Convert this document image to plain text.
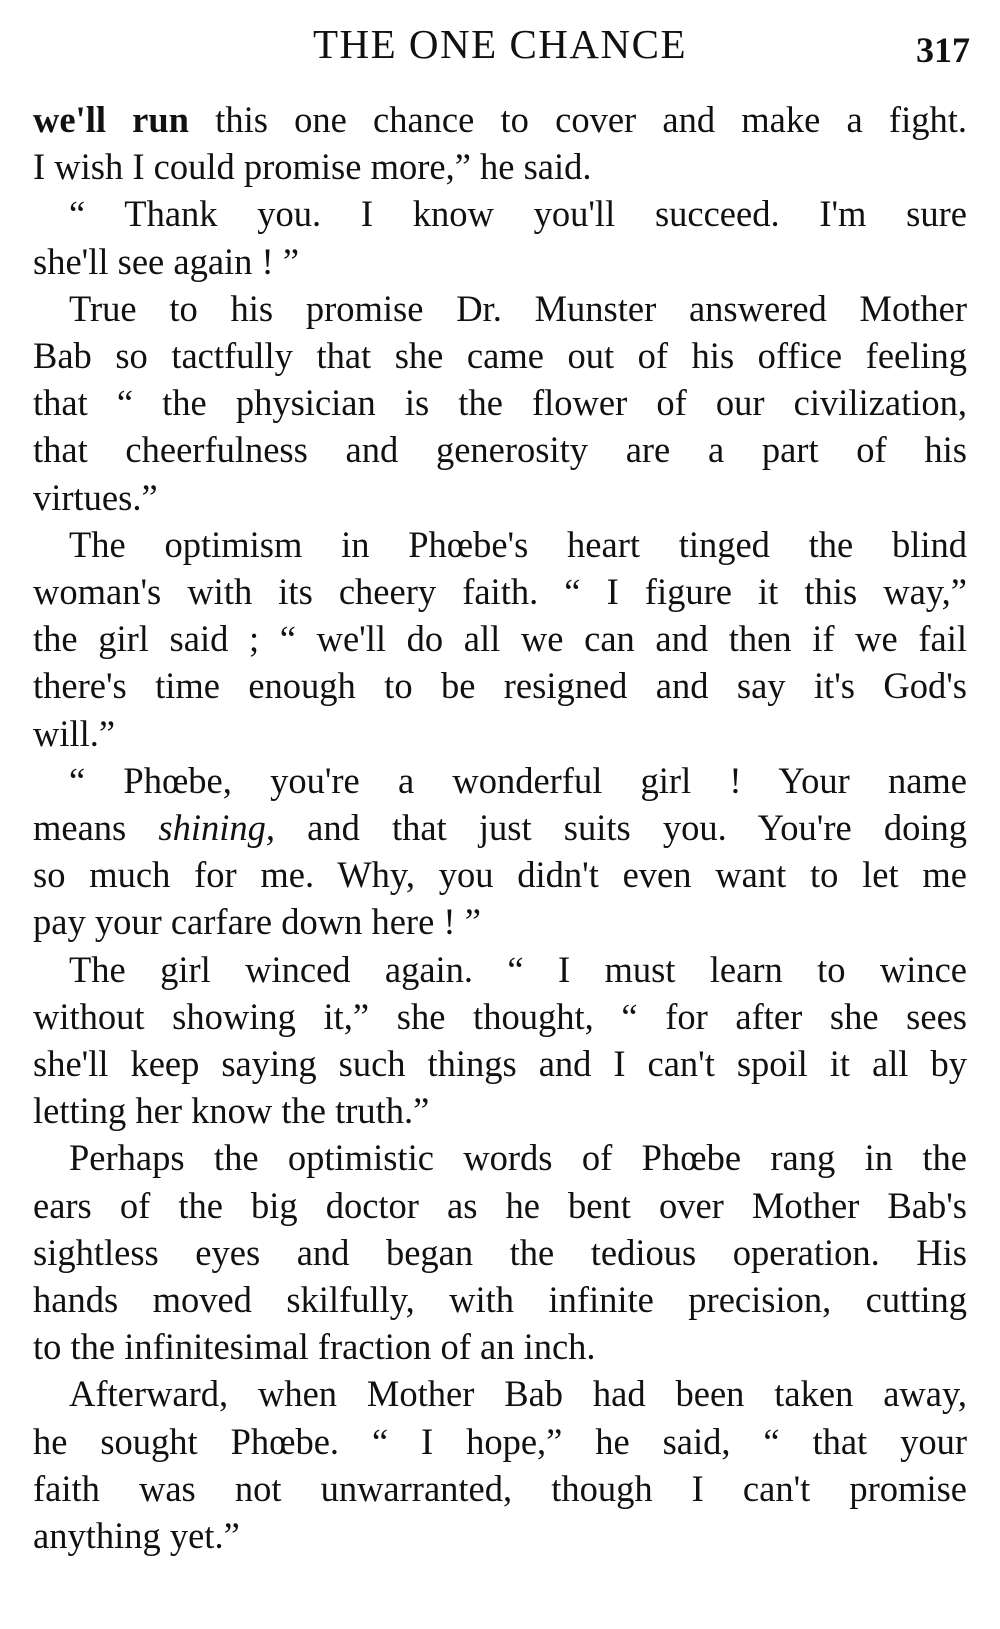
THE ONE CHANCE	317
we'll run this one chance to cover and make a fight.
I wish I could promise more,” he said.
“ Thank you. I know you'll succeed. I'm sure
she'll see again ! ”
True to his promise Dr. Munster answered Mother
Bab so tactfully that she came out of his office feeling
that “ the physician is the flower of our civilization,
that cheerfulness and generosity are a part of his
virtues.”
The optimism in Phœbe's heart tinged the blind
woman's with its cheery faith. “ I figure it this way,”
the girl said ; “ we'll do all we can and then if we fail
there's time enough to be resigned and say it's God's
will.”
“ Phœbe, you're a wonderful girl ! Your name
means shining, and that just suits you. You're doing
so much for me. Why, you didn't even want to let me
pay your carfare down here ! ”
The girl winced again. “ I must learn to wince
without showing it,” she thought, “ for after she sees
she'll keep saying such things and I can't spoil it all by
letting her know the truth.”
Perhaps the optimistic words of Phœbe rang in the
ears of the big doctor as he bent over Mother Bab's
sightless eyes and began the tedious operation. His
hands moved skilfully, with infinite precision, cutting
to the infinitesimal fraction of an inch.
Afterward, when Mother Bab had been taken away,
he sought Phœbe. “ I hope,” he said, “ that your
faith was not unwarranted, though I can't promise
anything yet.”
